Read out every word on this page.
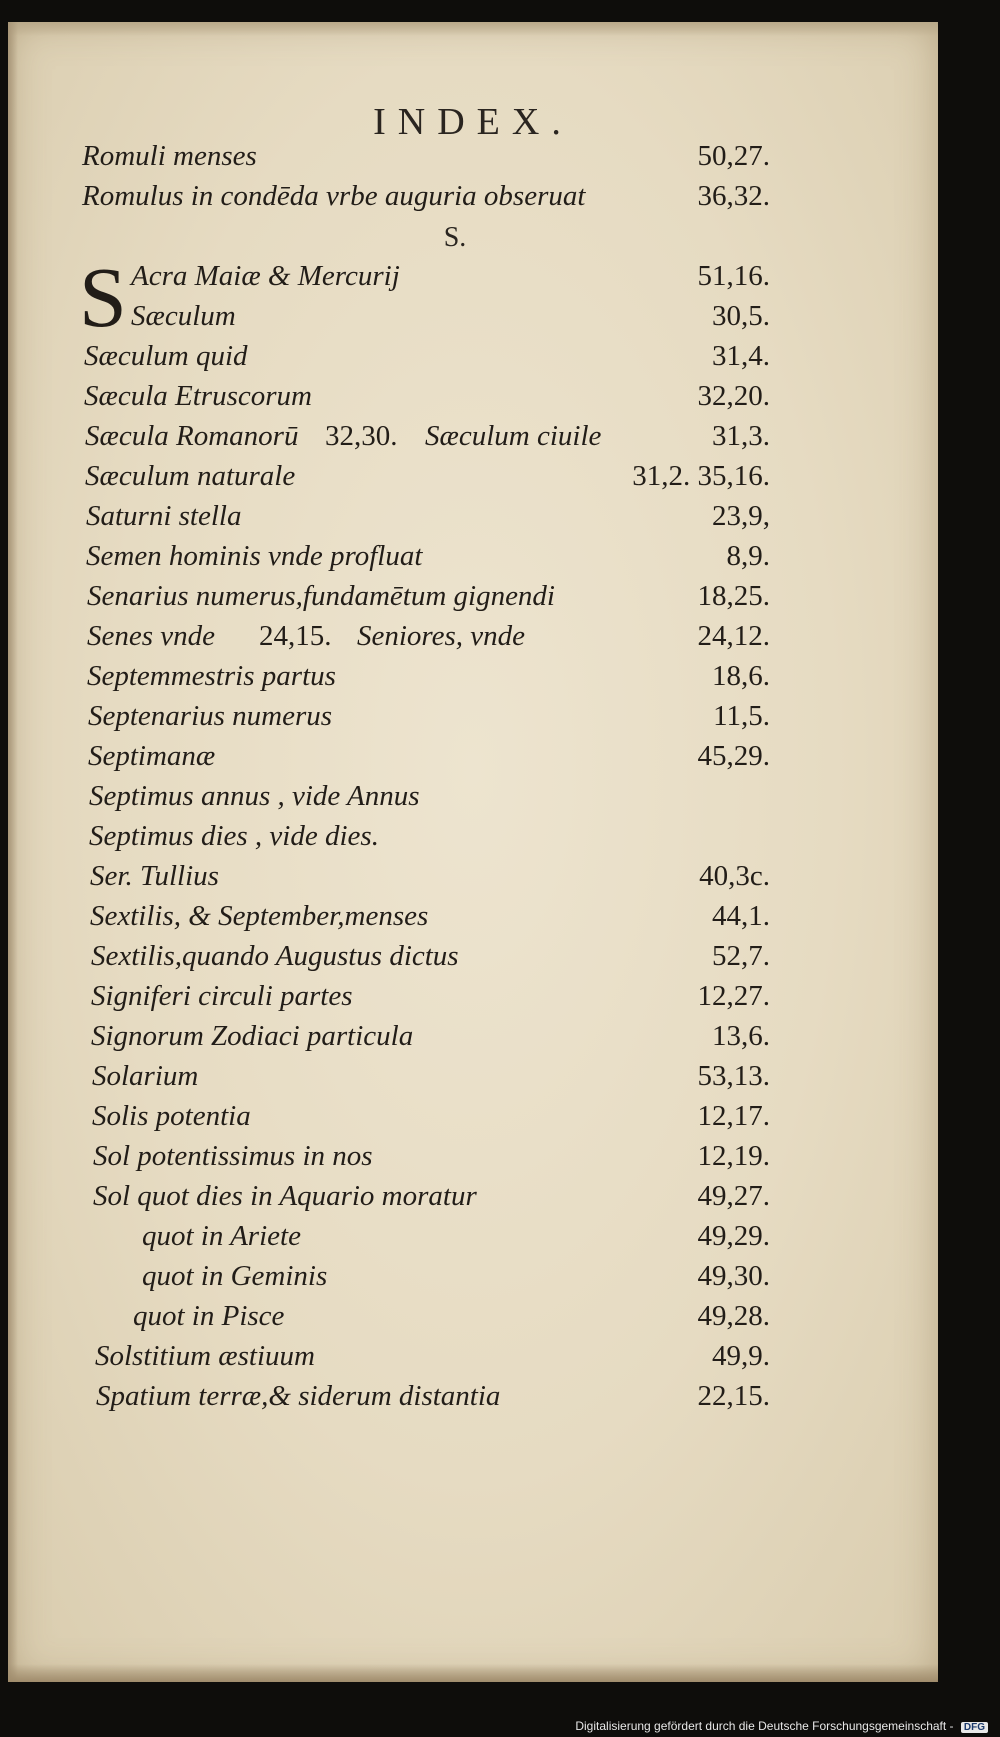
INDEX.
S.
Romuli menses	50,27.
Romulus in condēda vrbe auguria obseruat	36,32.
S Acra Maiæ & Mercurij	51,16.
Sæculum	30,5.
Sæculum quid	31,4.
Sæcula Etruscorum	32,20.
Sæcula Romanorū 32,30. Sæculum ciuile	31,3.
Sæculum naturale	31,2. 35,16.
Saturni stella	23,9,
Semen hominis vnde profluat	8,9.
Senarius numerus,fundamētum gignendi	18,25.
Senes vnde 24,15. Seniores, vnde	24,12.
Septemmestris partus	18,6.
Septenarius numerus	11,5.
Septimanæ	45,29.
Septimus annus , vide Annus
Septimus dies , vide dies.
Ser. Tullius	40,3c.
Sextilis, & September,menses	44,1.
Sextilis,quando Augustus dictus	52,7.
Signiferi circuli partes	12,27.
Signorum Zodiaci particula	13,6.
Solarium	53,13.
Solis potentia	12,17.
Sol potentissimus in nos	12,19.
Sol quot dies in Aquario moratur	49,27.
quot in Ariete	49,29.
quot in Geminis	49,30.
quot in Pisce	49,28.
Solstitium æstiuum	49,9.
Spatium terræ,& siderum distantia	22,15.
Digitalisierung gefördert durch die Deutsche Forschungsgemeinschaft - DFG
